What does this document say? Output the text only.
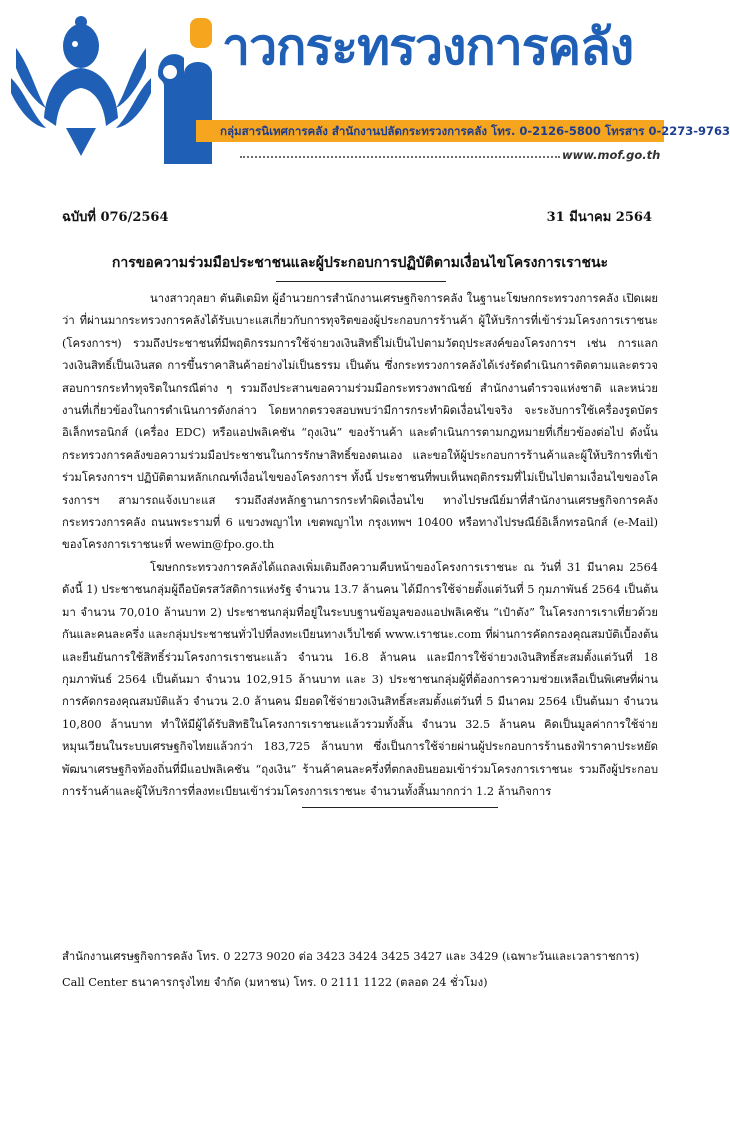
าวกระทรวงการคลัง
กลุ่มสารนิเทศการคลัง สำนักงานปลัดกระทรวงการคลัง โทร. 0-2126-5800 โทรสาร 0-2273-9763
www.mof.go.th
ฉบับที่ 076/2564	31 มีนาคม 2564
การขอความร่วมมือประชาชนและผู้ประกอบการปฏิบัติตามเงื่อนไขโครงการเราชนะ

นางสาวกุลยา ตันติเตมิท ผู้อำนวยการสำนักงานเศรษฐกิจการคลัง ในฐานะโฆษกกระทรวงการคลัง เปิดเผยว่า ที่ผ่านมากระทรวงการคลังได้รับเบาะแสเกี่ยวกับการทุจริตของผู้ประกอบการร้านค้า ผู้ให้บริการที่เข้าร่วมโครงการเราชนะ (โครงการฯ) รวมถึงประชาชนที่มีพฤติกรรมการใช้จ่ายวงเงินสิทธิ์ไม่เป็นไปตามวัตถุประสงค์ของโครงการฯ เช่น การแลกวงเงินสิทธิ์เป็นเงินสด การขึ้นราคาสินค้าอย่างไม่เป็นธรรม เป็นต้น ซึ่งกระทรวงการคลังได้เร่งรัดดำเนินการติดตามและตรวจสอบการกระทำทุจริตในกรณีต่าง ๆ รวมถึงประสานขอความร่วมมือกระทรวงพาณิชย์ สำนักงานตำรวจแห่งชาติ และหน่วยงานที่เกี่ยวข้องในการดำเนินการดังกล่าว โดยหากตรวจสอบพบว่ามีการกระทำผิดเงื่อนไขจริง จะระงับการใช้เครื่องรูดบัตรอิเล็กทรอนิกส์ (เครื่อง EDC) หรือแอปพลิเคชัน “ถุงเงิน” ของร้านค้า และดำเนินการตามกฎหมายที่เกี่ยวข้องต่อไป ดังนั้น กระทรวงการคลังขอความร่วมมือประชาชนในการรักษาสิทธิ์ของตนเอง และขอให้ผู้ประกอบการร้านค้าและผู้ให้บริการที่เข้าร่วมโครงการฯ ปฏิบัติตามหลักเกณฑ์เงื่อนไขของโครงการฯ ทั้งนี้ ประชาชนที่พบเห็นพฤติกรรมที่ไม่เป็นไปตามเงื่อนไขของโครงการฯ สามารถแจ้งเบาะแส รวมถึงส่งหลักฐานการกระทำผิดเงื่อนไข ทางไปรษณีย์มาที่สำนักงานเศรษฐกิจการคลัง กระทรวงการคลัง ถนนพระรามที่ 6 แขวงพญาไท เขตพญาไท กรุงเทพฯ 10400 หรือทางไปรษณีย์อิเล็กทรอนิกส์ (e-Mail) ของโครงการเราชนะที่ wewin@fpo.go.th

โฆษกกระทรวงการคลังได้แถลงเพิ่มเติมถึงความคืบหน้าของโครงการเราชนะ ณ วันที่ 31 มีนาคม 2564 ดังนี้ 1) ประชาชนกลุ่มผู้ถือบัตรสวัสดิการแห่งรัฐ จำนวน 13.7 ล้านคน ได้มีการใช้จ่ายตั้งแต่วันที่ 5 กุมภาพันธ์ 2564 เป็นต้นมา จำนวน 70,010 ล้านบาท 2) ประชาชนกลุ่มที่อยู่ในระบบฐานข้อมูลของแอปพลิเคชัน “เป๋าตัง” ในโครงการเราเที่ยวด้วยกันและคนละครึ่ง และกลุ่มประชาชนทั่วไปที่ลงทะเบียนทางเว็บไซต์ www.เราชนะ.com ที่ผ่านการคัดกรองคุณสมบัติเบื้องต้นและยืนยันการใช้สิทธิ์ร่วมโครงการเราชนะแล้ว จำนวน 16.8 ล้านคน และมีการใช้จ่ายวงเงินสิทธิ์สะสมตั้งแต่วันที่ 18 กุมภาพันธ์ 2564 เป็นต้นมา จำนวน 102,915 ล้านบาท และ 3) ประชาชนกลุ่มผู้ที่ต้องการความช่วยเหลือเป็นพิเศษที่ผ่านการคัดกรองคุณสมบัติแล้ว จำนวน 2.0 ล้านคน มียอดใช้จ่ายวงเงินสิทธิ์สะสมตั้งแต่วันที่ 5 มีนาคม 2564 เป็นต้นมา จำนวน 10,800 ล้านบาท ทำให้มีผู้ได้รับสิทธิในโครงการเราชนะแล้วรวมทั้งสิ้น จำนวน 32.5 ล้านคน คิดเป็นมูลค่าการใช้จ่ายหมุนเวียนในระบบเศรษฐกิจไทยแล้วกว่า 183,725 ล้านบาท ซึ่งเป็นการใช้จ่ายผ่านผู้ประกอบการร้านธงฟ้าราคาประหยัดพัฒนาเศรษฐกิจท้องถิ่นที่มีแอปพลิเคชัน “ถุงเงิน” ร้านค้าคนละครึ่งที่ตกลงยินยอมเข้าร่วมโครงการเราชนะ รวมถึงผู้ประกอบการร้านค้าและผู้ให้บริการที่ลงทะเบียนเข้าร่วมโครงการเราชนะ จำนวนทั้งสิ้นมากกว่า 1.2 ล้านกิจการ

สำนักงานเศรษฐกิจการคลัง โทร. 0 2273 9020 ต่อ 3423 3424 3425 3427 และ 3429 (เฉพาะวันและเวลาราชการ)
Call Center ธนาคารกรุงไทย จำกัด (มหาชน) โทร. 0 2111 1122 (ตลอด 24 ชั่วโมง)
